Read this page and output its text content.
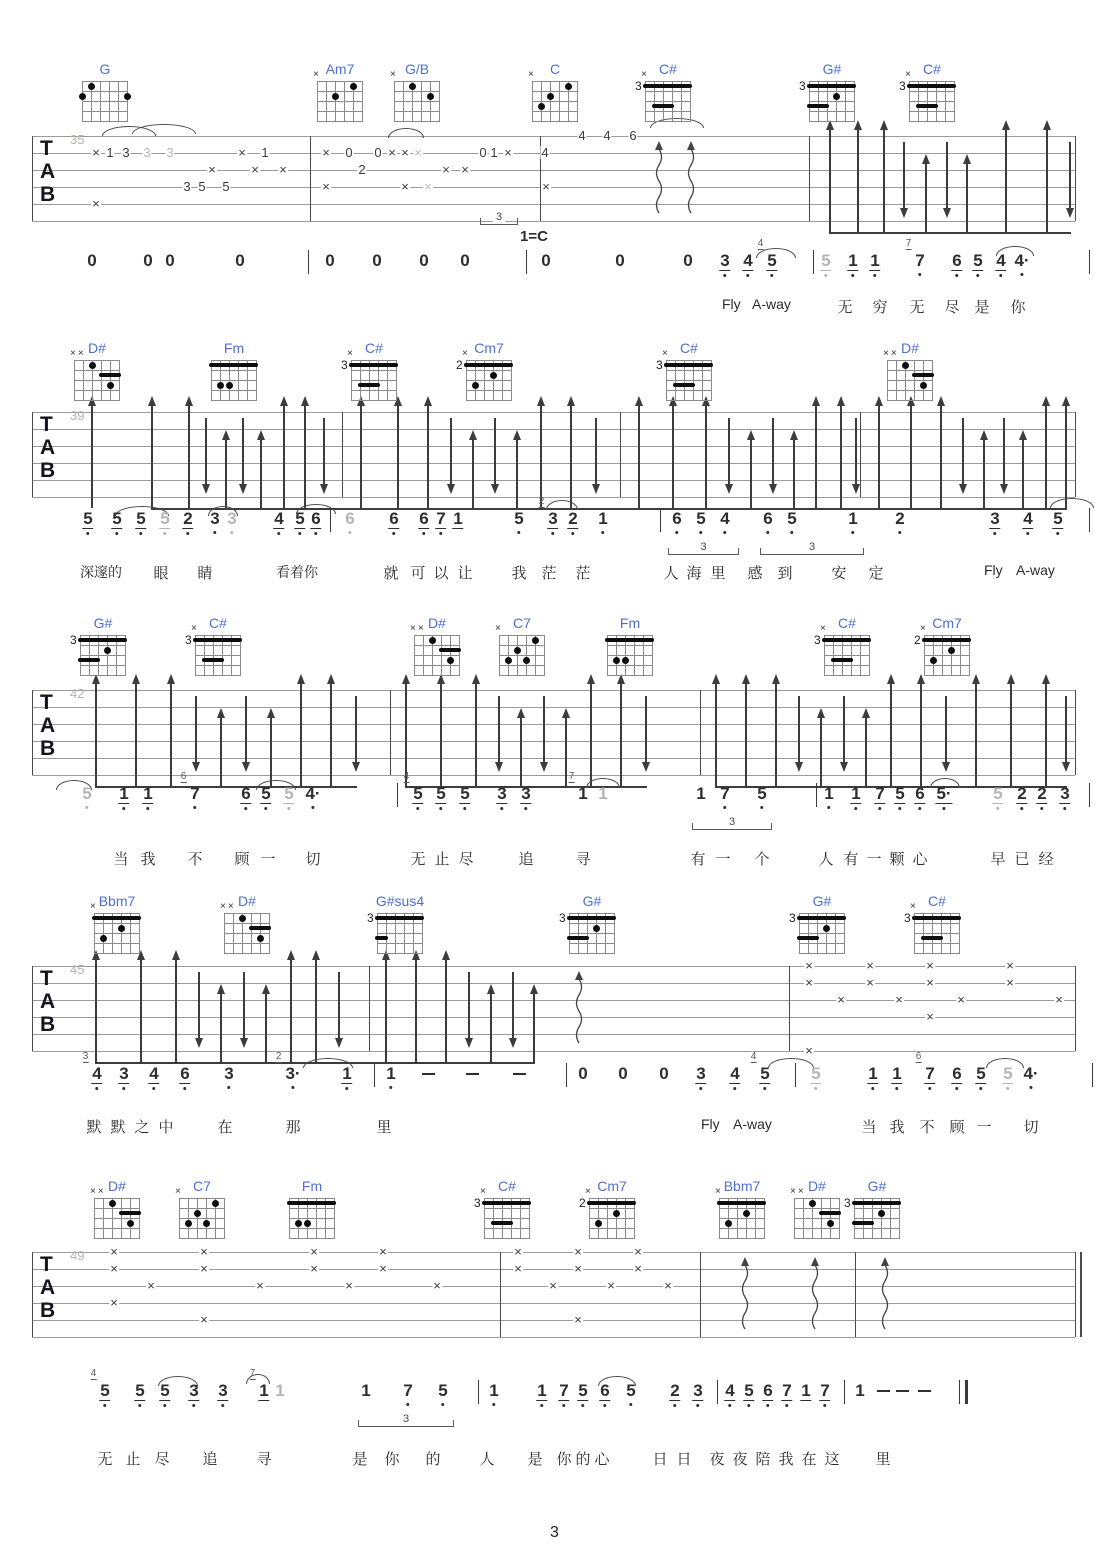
3
T
A
B
35
× 1 3 3 3
×
3 5 5
×
× 1
× ×
× 0 0 × × ×
2
×	× ×
×
0 1 ×
×
4
×
4 4 6
1=C
3
0	0 0	0	0 0 0 0	0	0	0 3 4
4
5	5 1 1
7
7 6 5 4 4·
Fly A-way	无 穷 无 尽 是 你
G	Am7
×	G/B
×	C
×	C#
3
×	G#
3
C#
3
×
T
A
B
39
3	3
5 5 5 5 2 3 3 4 5 6 6 6 6 7 1	5
2
3 2 1	6 5 4 6 5	1 2	3 4 5
深邃的 眼 睛	看着你	就 可 以 让	我 茫 茫	人 海 里 感 到	安 定	Fly A-way
D#
××	Fm	C#
3
×	Cm7
2
×	C#
3
×	D#
××
T
A
B
42
3
5 1 1
6
7 6 5 5 4·
4
5 5 5 3 3
7
1 1	1 7 5	1 1 7 5 6 5· 5 2 2 3
当 我 不 顾 一 切	无 止 尽	追	寻	有 一 个	人 有 一 颗 心	早 已 经
G#
3
C#
3
×	D#
××	C7
×	Fm	C#
3
×	Cm7
2
×
T
A
B
45	×
×
×
×
×
×
×
×
×	×	×	×
×
×
3
4 3 4 6 3
2
3· 1 1	0 0 0 3 4
4
5 5	1 1
6
7 6 5 5 4·
默 默 之 中	在	那	里	Fly A-way	当 我 不 顾 一 切
Bbm7
×	D#
××	G#sus4
3
G#
3
G#
3
C#
3
×
T
A
B
49 ×
×
×
×
×
×
×
×
×	×	×	×
×
×
×
×
×
×
×
×
×	×	×
×
3
4
5 5 5 3 3
7
1 1	1 7 5 1 1 7 5 6 5 2 3 4 5 6 7 1 7 1
无 止 尽 追	寻	是 你 的	人 是 你 的 心	日 日 夜 夜 陪 我 在 这 里
D#
××	C7
×	Fm	C#
3
×	Cm7
2
×	Bbm7
×	D#
××	G#
3
